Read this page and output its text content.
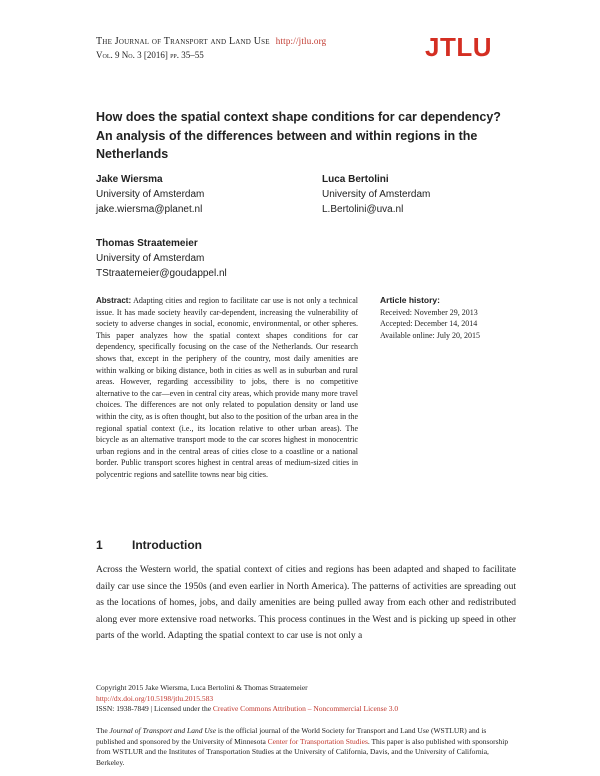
The Journal of Transport and Land Use http://jtlu.org
Vol. 9 No. 3 [2016] pp. 35–55	JTLU
How does the spatial context shape conditions for car dependency? An analysis of the differences between and within regions in the Netherlands
Jake Wiersma
University of Amsterdam
jake.wiersma@planet.nl
Luca Bertolini
University of Amsterdam
L.Bertolini@uva.nl
Thomas Straatemeier
University of Amsterdam
TStraatemeier@goudappel.nl
Abstract: Adapting cities and region to facilitate car use is not only a technical issue. It has made society heavily car-dependent, increasing the vulnerability of society to adverse changes in social, economic, environmental, or other spheres. This paper analyzes how the spatial context shapes conditions for car dependency, specifically focusing on the case of the Netherlands. Our research shows that, except in the periphery of the country, most daily amenities are within walking or biking distance, both in cities as well as in suburban and rural areas. However, regarding accessibility to jobs, there is no competitive alternative to the car—even in central city areas, which provide many more travel choices. The differences are not only related to population density or land use within the city, as is often thought, but also to the position of the urban area in the regional spatial context (i.e., its location relative to other urban areas). The bicycle as an alternative transport mode to the car scores highest in monocentric urban regions and in the central areas of cities close to a coastline or a national border. Public transport scores highest in central areas of medium-sized cities in polycentric regions and satellite towns near big cities.
Article history:
Received: November 29, 2013
Accepted: December 14, 2014
Available online: July 20, 2015
1 Introduction
Across the Western world, the spatial context of cities and regions has been adapted and shaped to facilitate daily car use since the 1950s (and even earlier in North America). The patterns of activities are spreading out as the locations of homes, jobs, and daily amenities are being pulled away from each other and redistributed along ever more extensive road networks. This process continues in the West and is picking up speed in other parts of the world. Adapting the spatial context to car use is not only a
Copyright 2015 Jake Wiersma, Luca Bertolini & Thomas Straatemeier
http://dx.doi.org/10.5198/jtlu.2015.583
ISSN: 1938-7849 | Licensed under the Creative Commons Attribution – Noncommercial License 3.0
The Journal of Transport and Land Use is the official journal of the World Society for Transport and Land Use (WSTLUR) and is published and sponsored by the University of Minnesota Center for Transportation Studies. This paper is also published with sponsorship from WSTLUR and the Institutes of Transportation Studies at the University of California, Davis, and the University of California, Berkeley.
